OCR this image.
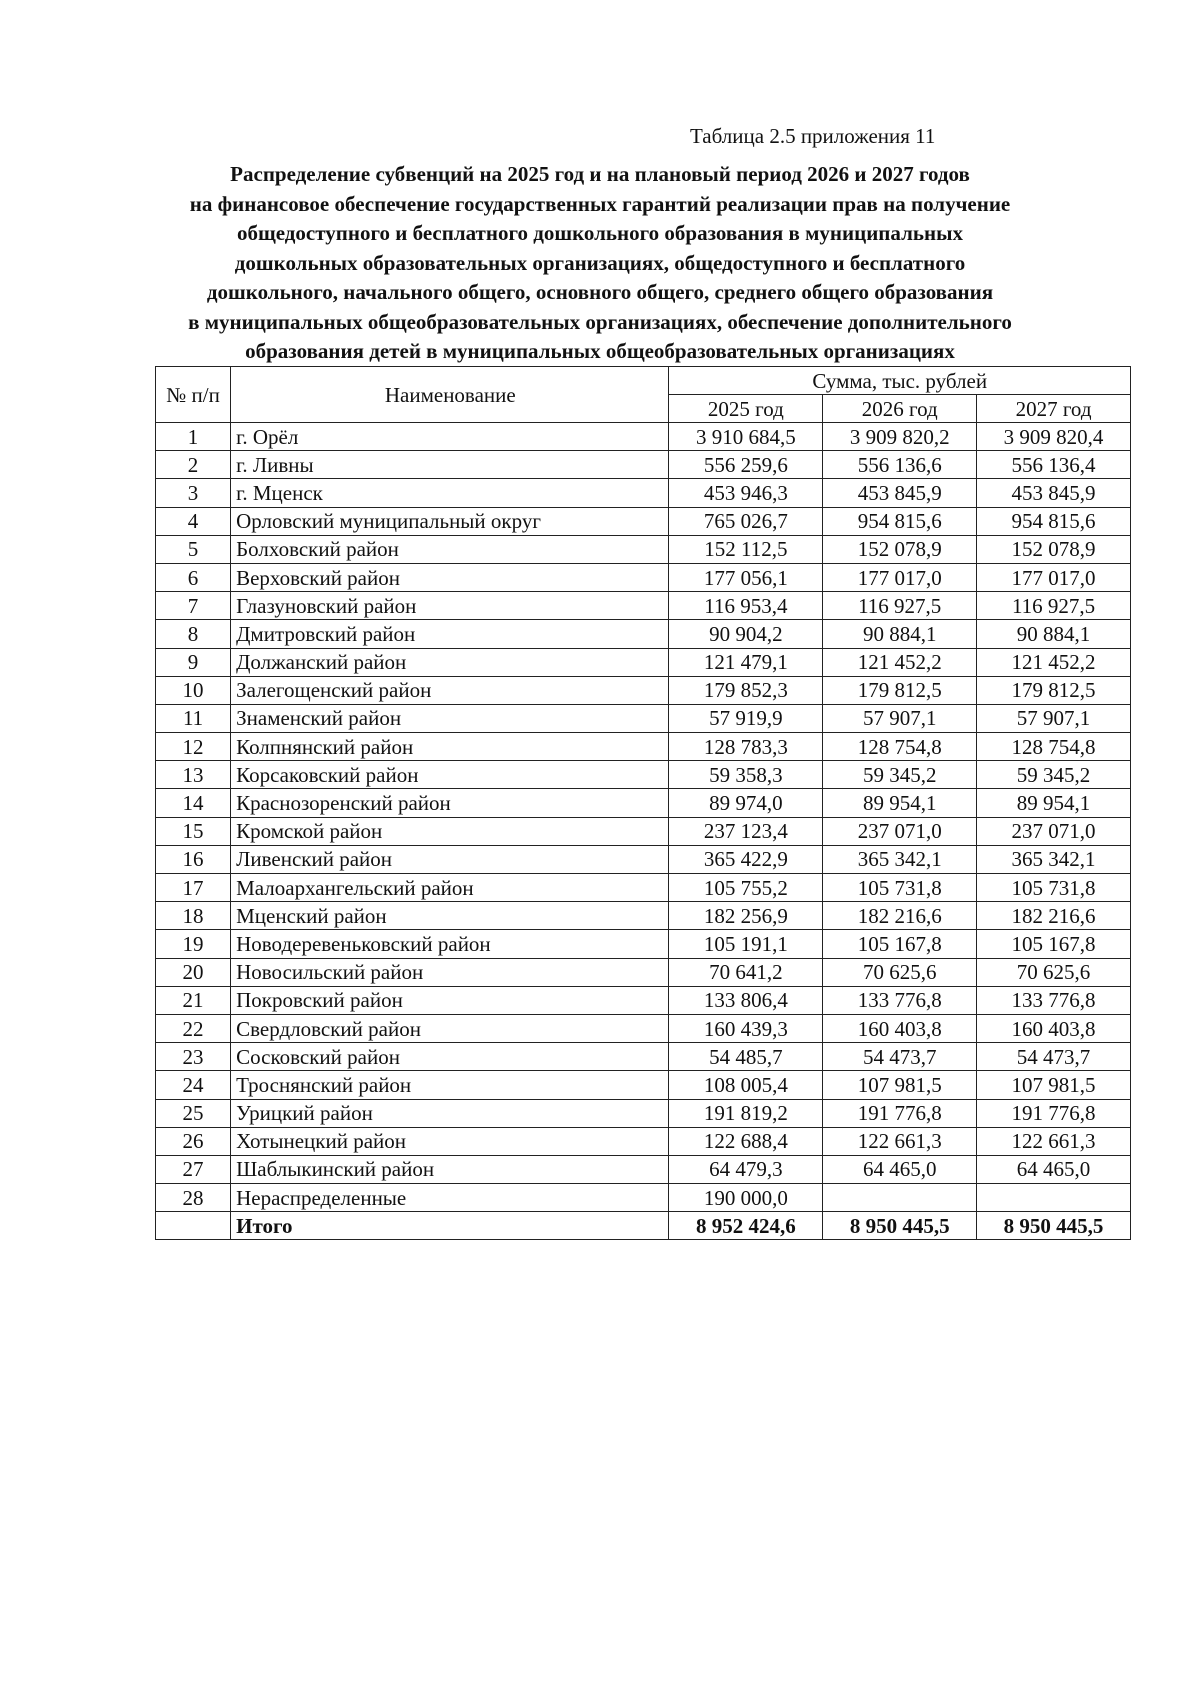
Таблица 2.5 приложения 11
Распределение субвенций на 2025 год и на плановый период 2026 и 2027 годов
на финансовое обеспечение государственных гарантий реализации прав на получение
общедоступного и бесплатного дошкольного образования в муниципальных
дошкольных образовательных организациях, общедоступного и бесплатного
дошкольного, начального общего, основного общего, среднего общего образования
в муниципальных общеобразовательных организациях, обеспечение дополнительного
образования детей в муниципальных общеобразовательных организациях
№ п/п	Наименование	Сумма, тыс. рублей		
		2025 год	2026 год	2027 год
1	г. Орёл	3 910 684,5	3 909 820,2	3 909 820,4
2	г. Ливны	556 259,6	556 136,6	556 136,4
3	г. Мценск	453 946,3	453 845,9	453 845,9
4	Орловский муниципальный округ	765 026,7	954 815,6	954 815,6
5	Болховский район	152 112,5	152 078,9	152 078,9
6	Верховский район	177 056,1	177 017,0	177 017,0
7	Глазуновский район	116 953,4	116 927,5	116 927,5
8	Дмитровский район	90 904,2	90 884,1	90 884,1
9	Должанский район	121 479,1	121 452,2	121 452,2
10	Залегощенский район	179 852,3	179 812,5	179 812,5
11	Знаменский район	57 919,9	57 907,1	57 907,1
12	Колпнянский район	128 783,3	128 754,8	128 754,8
13	Корсаковский район	59 358,3	59 345,2	59 345,2
14	Краснозоренский район	89 974,0	89 954,1	89 954,1
15	Кромской район	237 123,4	237 071,0	237 071,0
16	Ливенский район	365 422,9	365 342,1	365 342,1
17	Малоархангельский район	105 755,2	105 731,8	105 731,8
18	Мценский район	182 256,9	182 216,6	182 216,6
19	Новодеревеньковский район	105 191,1	105 167,8	105 167,8
20	Новосильский район	70 641,2	70 625,6	70 625,6
21	Покровский район	133 806,4	133 776,8	133 776,8
22	Свердловский район	160 439,3	160 403,8	160 403,8
23	Сосковский район	54 485,7	54 473,7	54 473,7
24	Троснянский район	108 005,4	107 981,5	107 981,5
25	Урицкий район	191 819,2	191 776,8	191 776,8
26	Хотынецкий район	122 688,4	122 661,3	122 661,3
27	Шаблыкинский район	64 479,3	64 465,0	64 465,0
28	Нераспределенные	190 000,0		
	Итого	8 952 424,6	8 950 445,5	8 950 445,5
